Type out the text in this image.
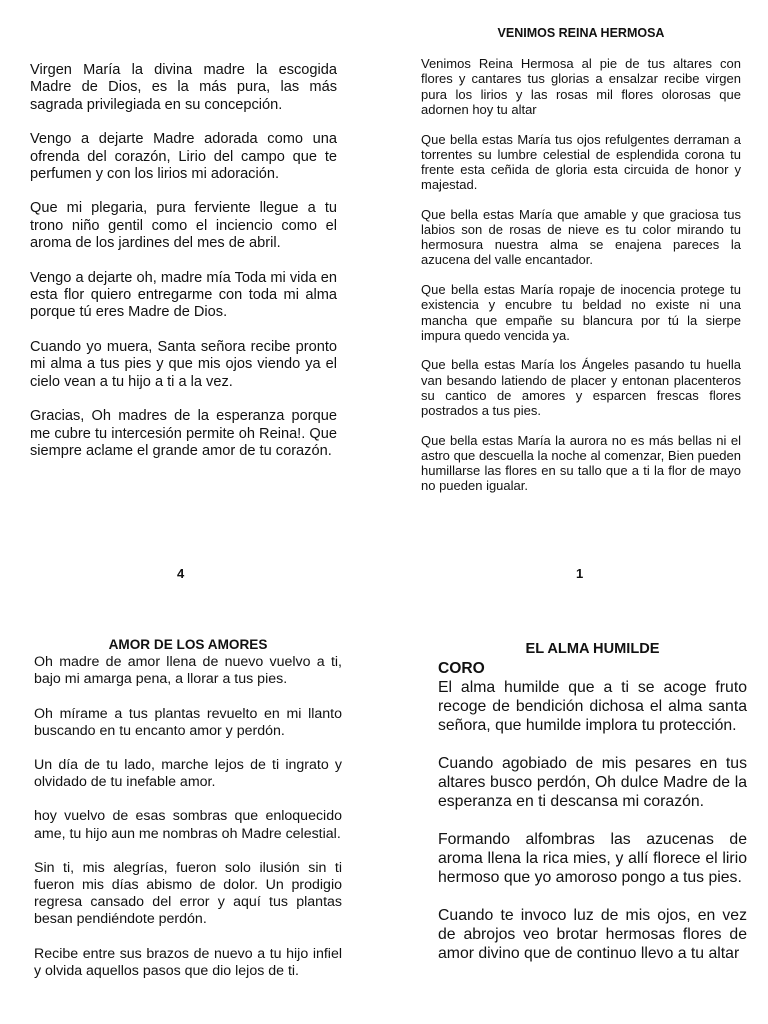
Virgen María la divina madre la escogida Madre de Dios, es la más pura, las más sagrada privilegiada en su concepción.

Vengo a dejarte Madre adorada como una ofrenda del corazón, Lirio del campo que te perfumen y con los lirios mi adoración.

Que mi plegaria, pura ferviente llegue a tu trono niño gentil como el inciencio como el aroma de los jardines del mes de abril.

Vengo a dejarte oh, madre mía Toda mi vida en esta flor quiero entregarme con toda mi alma porque tú eres Madre de Dios.

Cuando yo muera, Santa señora recibe pronto mi alma a tus pies y que mis ojos viendo ya el cielo vean a tu hijo a ti a la vez.

Gracias, Oh madres de la esperanza porque me cubre tu intercesión permite oh Reina!. Que siempre aclame el grande amor de tu corazón.

4
VENIMOS REINA HERMOSA

Venimos Reina Hermosa al pie de tus altares con flores y cantares tus glorias a ensalzar recibe virgen pura los lirios y las rosas mil flores olorosas que adornen hoy tu altar

Que bella estas María tus ojos refulgentes derraman a torrentes su lumbre celestial de esplendida corona tu frente esta ceñida de gloria esta circuida de honor y majestad.

Que bella estas María que amable y que graciosa tus labios son de rosas de nieve es tu color mirando tu hermosura nuestra alma se enajena pareces la azucena del valle encantador.

Que bella estas María ropaje de inocencia protege tu existencia y encubre tu beldad no existe ni una mancha que empañe su blancura por tú la sierpe impura quedo vencida ya.

Que bella estas María los Ángeles pasando tu huella van besando latiendo de placer y entonan placenteros su cantico de amores y esparcen frescas flores postrados a tus pies.

Que bella estas María la aurora no es más bellas ni el astro que descuella la noche al comenzar, Bien pueden humillarse las flores en su tallo que a ti la flor de mayo no pueden igualar.

1
AMOR DE LOS AMORES

Oh madre de amor llena de nuevo vuelvo a ti, bajo mi amarga pena, a llorar a tus pies.

Oh mírame a tus plantas revuelto en mi llanto buscando en tu encanto amor y perdón.

Un día de tu lado, marche lejos de ti ingrato y olvidado de tu inefable amor.

hoy vuelvo de esas sombras que enloquecido ame, tu hijo aun me nombras oh Madre celestial.

Sin ti, mis alegrías, fueron solo ilusión sin ti fueron mis días abismo de dolor. Un prodigio regresa cansado del error y aquí tus plantas besan pendiéndote perdón.

Recibe entre sus brazos de nuevo a tu hijo infiel y olvida aquellos pasos que dio lejos de ti.

EL ALMA HUMILDE
CORO

El alma humilde que a ti se acoge fruto recoge de bendición dichosa el alma santa señora, que humilde implora tu protección.

Cuando agobiado de mis pesares en tus altares busco perdón, Oh dulce Madre de la esperanza en ti descansa mi corazón.

Formando alfombras las azucenas de aroma llena la rica mies, y allí florece el lirio hermoso que yo amoroso pongo a tus pies.

Cuando te invoco luz de mis ojos, en vez de abrojos veo brotar hermosas flores de amor divino que de continuo llevo a tu altar
